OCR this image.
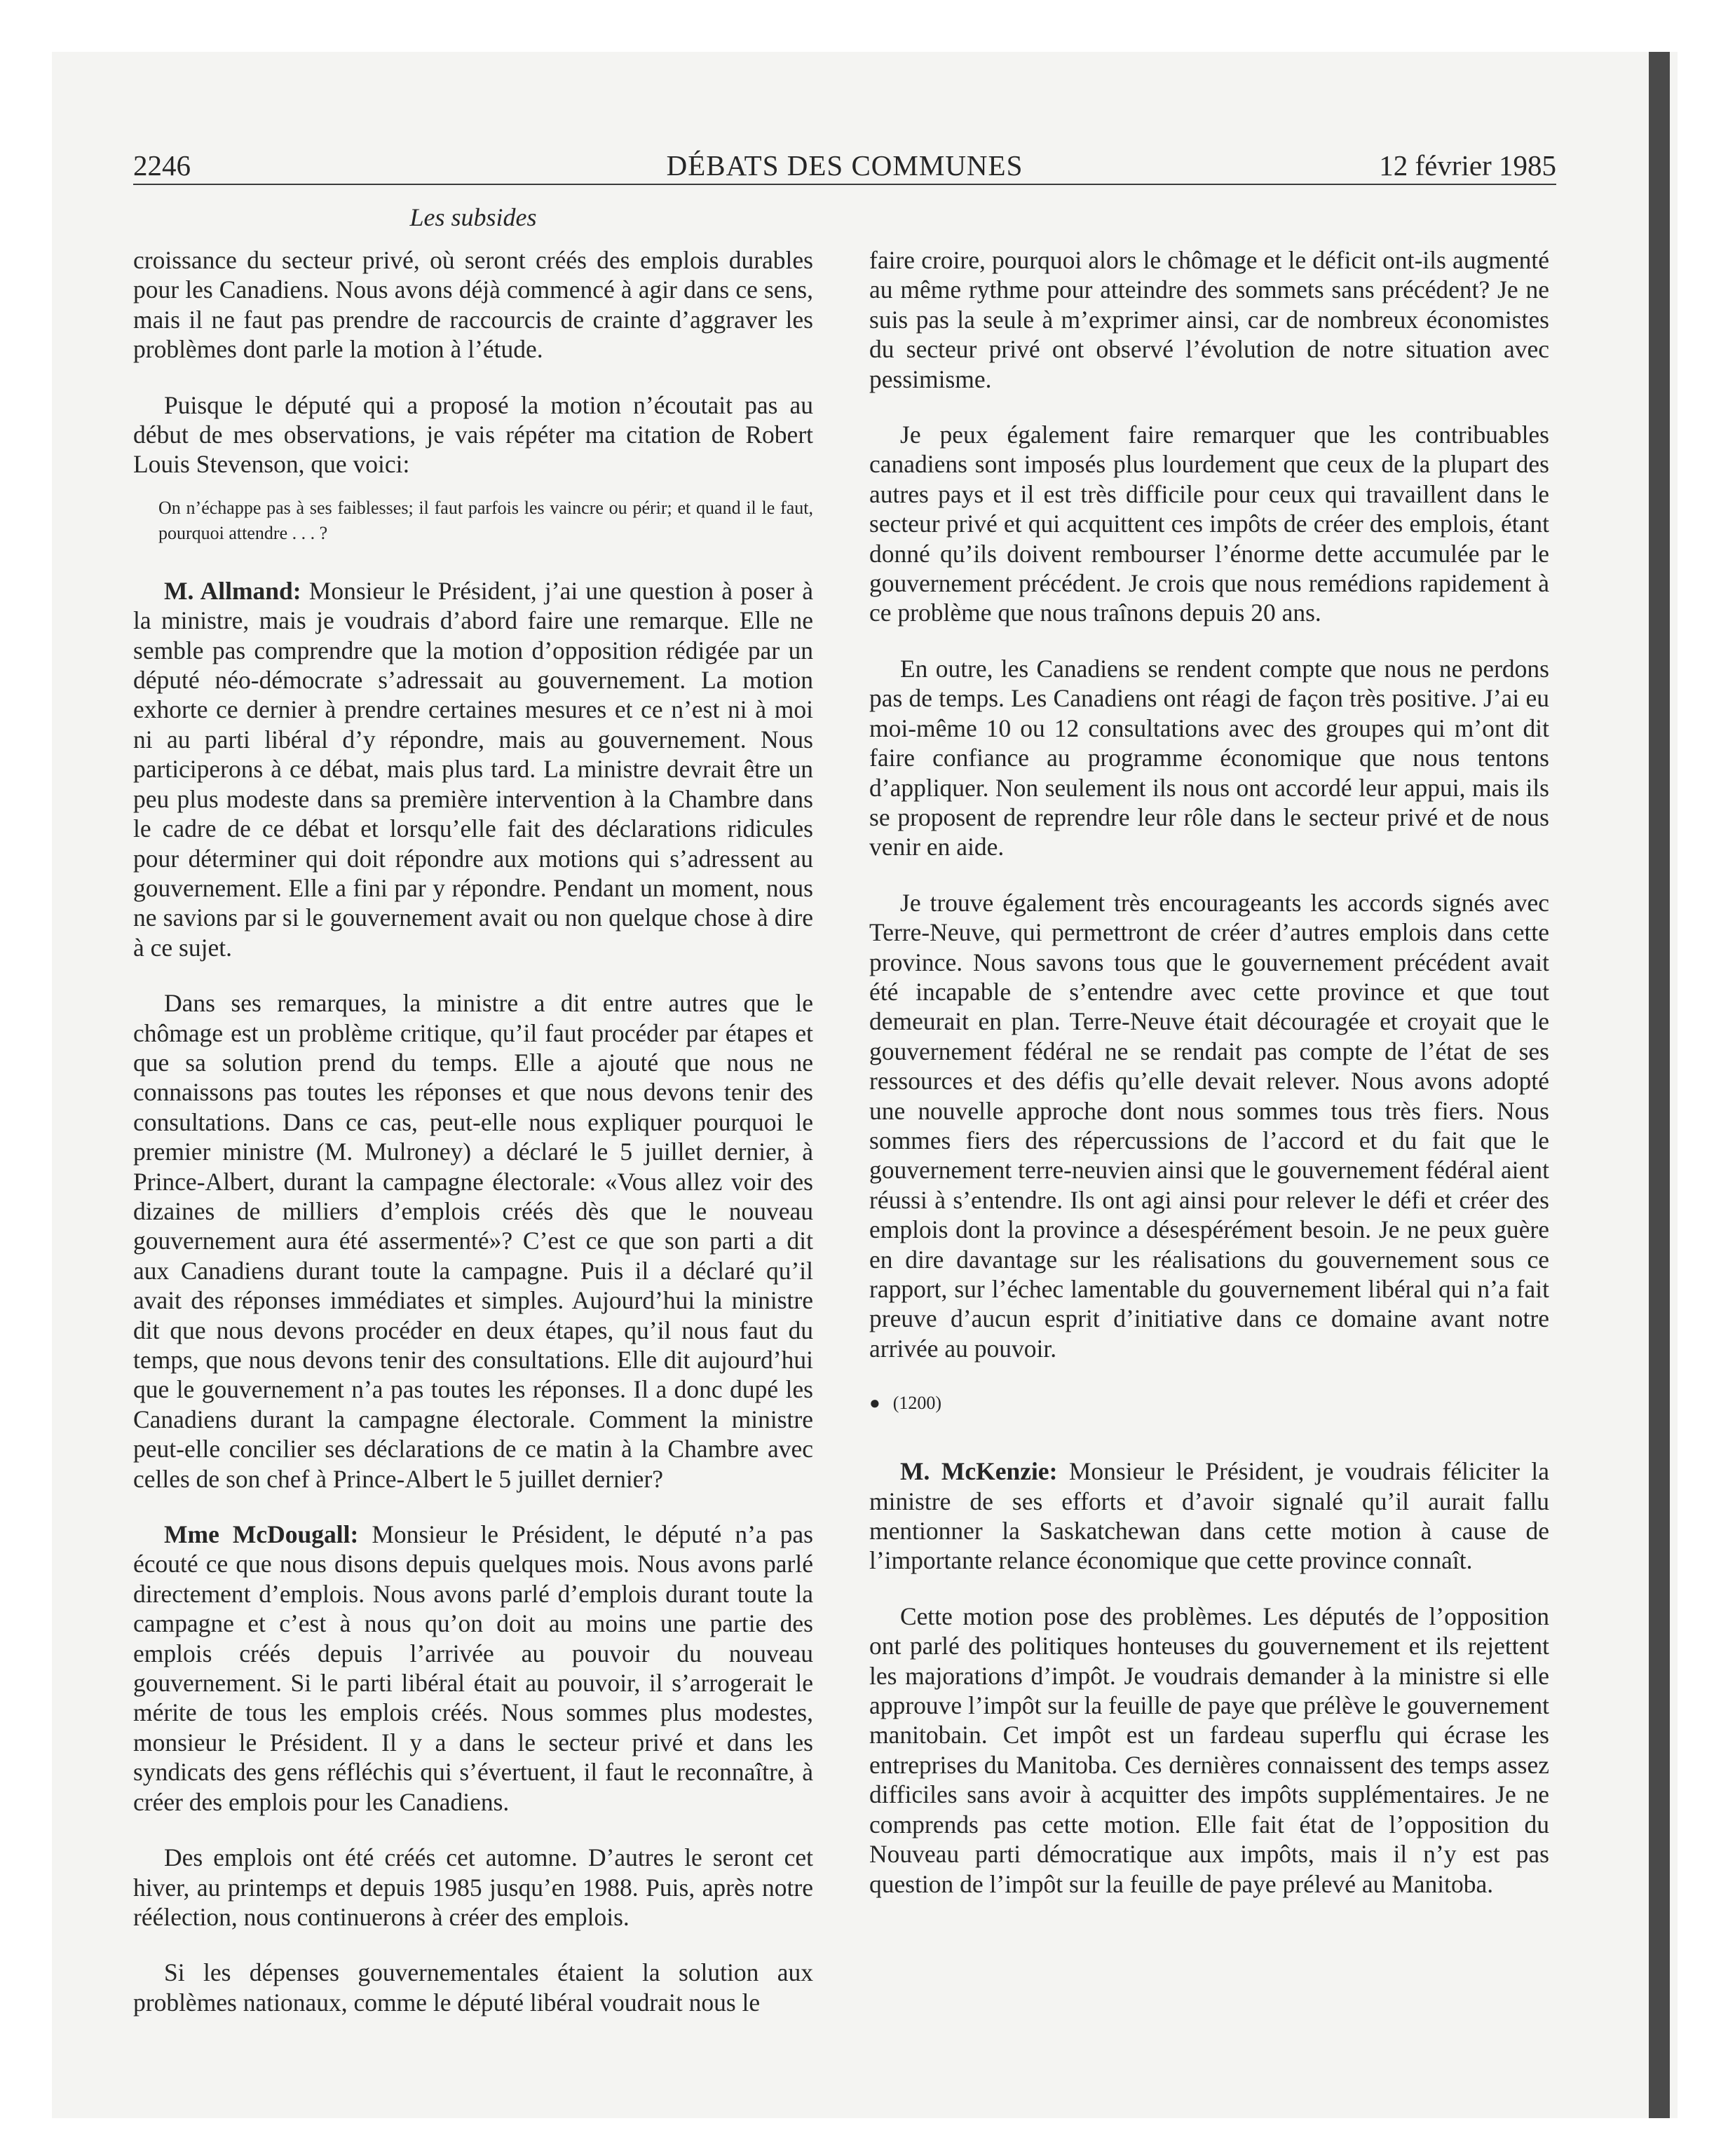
2246	DÉBATS DES COMMUNES	12 février 1985
Les subsides

croissance du secteur privé, où seront créés des emplois durables pour les Canadiens. Nous avons déjà commencé à agir dans ce sens, mais il ne faut pas prendre de raccourcis de crainte d’aggraver les problèmes dont parle la motion à l’étude.

Puisque le député qui a proposé la motion n’écoutait pas au début de mes observations, je vais répéter ma citation de Robert Louis Stevenson, que voici:

On n’échappe pas à ses faiblesses; il faut parfois les vaincre ou périr; et quand il le faut, pourquoi attendre . . . ?

M. Allmand: Monsieur le Président, j’ai une question à poser à la ministre, mais je voudrais d’abord faire une remarque. Elle ne semble pas comprendre que la motion d’opposition rédigée par un député néo-démocrate s’adressait au gouvernement. La motion exhorte ce dernier à prendre certaines mesures et ce n’est ni à moi ni au parti libéral d’y répondre, mais au gouvernement. Nous participerons à ce débat, mais plus tard. La ministre devrait être un peu plus modeste dans sa première intervention à la Chambre dans le cadre de ce débat et lorsqu’elle fait des déclarations ridicules pour déterminer qui doit répondre aux motions qui s’adressent au gouvernement. Elle a fini par y répondre. Pendant un moment, nous ne savions par si le gouvernement avait ou non quelque chose à dire à ce sujet.

Dans ses remarques, la ministre a dit entre autres que le chômage est un problème critique, qu’il faut procéder par étapes et que sa solution prend du temps. Elle a ajouté que nous ne connaissons pas toutes les réponses et que nous devons tenir des consultations. Dans ce cas, peut-elle nous expliquer pourquoi le premier ministre (M. Mulroney) a déclaré le 5 juillet dernier, à Prince-Albert, durant la campagne électorale: «Vous allez voir des dizaines de milliers d’emplois créés dès que le nouveau gouvernement aura été assermenté»? C’est ce que son parti a dit aux Canadiens durant toute la campagne. Puis il a déclaré qu’il avait des réponses immédiates et simples. Aujourd’hui la ministre dit que nous devons procéder en deux étapes, qu’il nous faut du temps, que nous devons tenir des consultations. Elle dit aujourd’hui que le gouvernement n’a pas toutes les réponses. Il a donc dupé les Canadiens durant la campagne électorale. Comment la ministre peut-elle concilier ses déclarations de ce matin à la Chambre avec celles de son chef à Prince-Albert le 5 juillet dernier?

Mme McDougall: Monsieur le Président, le député n’a pas écouté ce que nous disons depuis quelques mois. Nous avons parlé directement d’emplois. Nous avons parlé d’emplois durant toute la campagne et c’est à nous qu’on doit au moins une partie des emplois créés depuis l’arrivée au pouvoir du nouveau gouvernement. Si le parti libéral était au pouvoir, il s’arrogerait le mérite de tous les emplois créés. Nous sommes plus modestes, monsieur le Président. Il y a dans le secteur privé et dans les syndicats des gens réfléchis qui s’évertuent, il faut le reconnaître, à créer des emplois pour les Canadiens.

Des emplois ont été créés cet automne. D’autres le seront cet hiver, au printemps et depuis 1985 jusqu’en 1988. Puis, après notre réélection, nous continuerons à créer des emplois.

Si les dépenses gouvernementales étaient la solution aux problèmes nationaux, comme le député libéral voudrait nous le

faire croire, pourquoi alors le chômage et le déficit ont-ils augmenté au même rythme pour atteindre des sommets sans précédent? Je ne suis pas la seule à m’exprimer ainsi, car de nombreux économistes du secteur privé ont observé l’évolution de notre situation avec pessimisme.

Je peux également faire remarquer que les contribuables canadiens sont imposés plus lourdement que ceux de la plupart des autres pays et il est très difficile pour ceux qui travaillent dans le secteur privé et qui acquittent ces impôts de créer des emplois, étant donné qu’ils doivent rembourser l’énorme dette accumulée par le gouvernement précédent. Je crois que nous remédions rapidement à ce problème que nous traînons depuis 20 ans.

En outre, les Canadiens se rendent compte que nous ne perdons pas de temps. Les Canadiens ont réagi de façon très positive. J’ai eu moi-même 10 ou 12 consultations avec des groupes qui m’ont dit faire confiance au programme économique que nous tentons d’appliquer. Non seulement ils nous ont accordé leur appui, mais ils se proposent de reprendre leur rôle dans le secteur privé et de nous venir en aide.

Je trouve également très encourageants les accords signés avec Terre-Neuve, qui permettront de créer d’autres emplois dans cette province. Nous savons tous que le gouvernement précédent avait été incapable de s’entendre avec cette province et que tout demeurait en plan. Terre-Neuve était découragée et croyait que le gouvernement fédéral ne se rendait pas compte de l’état de ses ressources et des défis qu’elle devait relever. Nous avons adopté une nouvelle approche dont nous sommes tous très fiers. Nous sommes fiers des répercussions de l’accord et du fait que le gouvernement terre-neuvien ainsi que le gouvernement fédéral aient réussi à s’entendre. Ils ont agi ainsi pour relever le défi et créer des emplois dont la province a désespérément besoin. Je ne peux guère en dire davantage sur les réalisations du gouvernement sous ce rapport, sur l’échec lamentable du gouvernement libéral qui n’a fait preuve d’aucun esprit d’initiative dans ce domaine avant notre arrivée au pouvoir.

● (1200)

M. McKenzie: Monsieur le Président, je voudrais féliciter la ministre de ses efforts et d’avoir signalé qu’il aurait fallu mentionner la Saskatchewan dans cette motion à cause de l’importante relance économique que cette province connaît.

Cette motion pose des problèmes. Les députés de l’opposition ont parlé des politiques honteuses du gouvernement et ils rejettent les majorations d’impôt. Je voudrais demander à la ministre si elle approuve l’impôt sur la feuille de paye que prélève le gouvernement manitobain. Cet impôt est un fardeau superflu qui écrase les entreprises du Manitoba. Ces dernières connaissent des temps assez difficiles sans avoir à acquitter des impôts supplémentaires. Je ne comprends pas cette motion. Elle fait état de l’opposition du Nouveau parti démocratique aux impôts, mais il n’y est pas question de l’impôt sur la feuille de paye prélevé au Manitoba.
